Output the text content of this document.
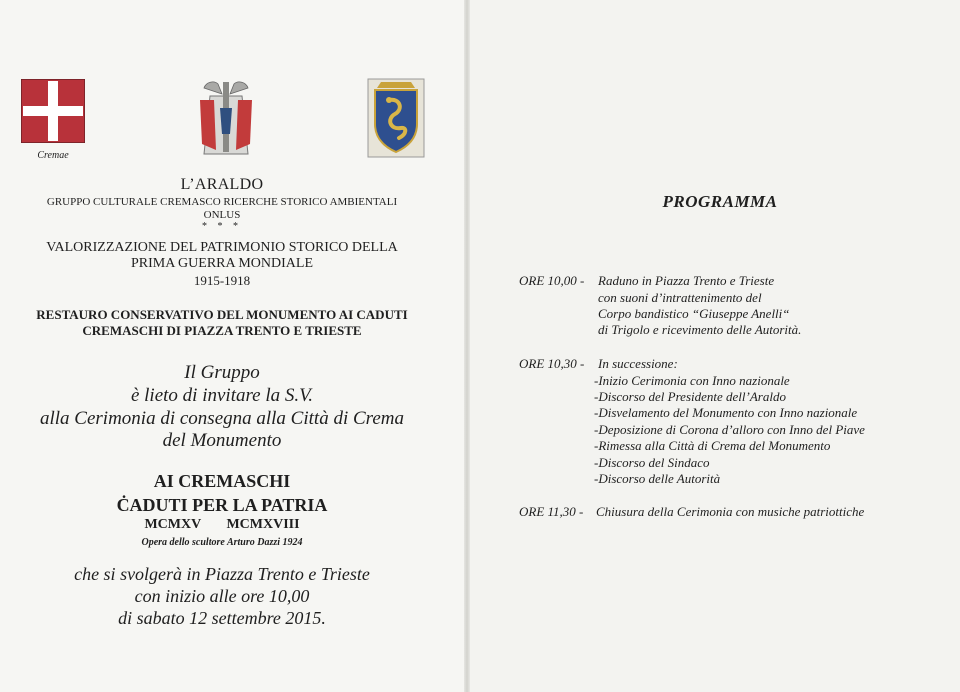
Cremae
L’ARALDO
GRUPPO CULTURALE CREMASCO RICERCHE STORICO AMBIENTALI
ONLUS
* * *
VALORIZZAZIONE DEL PATRIMONIO STORICO DELLA
PRIMA GUERRA MONDIALE
1915-1918
RESTAURO CONSERVATIVO DEL MONUMENTO AI CADUTI
CREMASCHI DI PIAZZA TRENTO E TRIESTE
Il Gruppo
è lieto di invitare la S.V.
alla Cerimonia di consegna alla Città di Crema
del Monumento
AI CREMASCHI
ĊADUTI PER LA PATRIA
MCMXV MCMXVIII
Opera dello scultore Arturo Dazzi 1924
che si svolgerà in Piazza Trento e Trieste
con inizio alle ore 10,00
di sabato 12 settembre 2015.
PROGRAMMA
ORE 10,00 - Raduno in Piazza Trento e Trieste
con suoni d’intrattenimento del
Corpo bandistico “Giuseppe Anelli“
di Trigolo e ricevimento delle Autorità.
ORE 10,30 - In successione:
-Inizio Cerimonia con Inno nazionale
-Discorso del Presidente dell’Araldo
-Disvelamento del Monumento con Inno nazionale
-Deposizione di Corona d’alloro con Inno del Piave
-Rimessa alla Città di Crema del Monumento
-Discorso del Sindaco
-Discorso delle Autorità
ORE 11,30 - Chiusura della Cerimonia con musiche patriottiche
